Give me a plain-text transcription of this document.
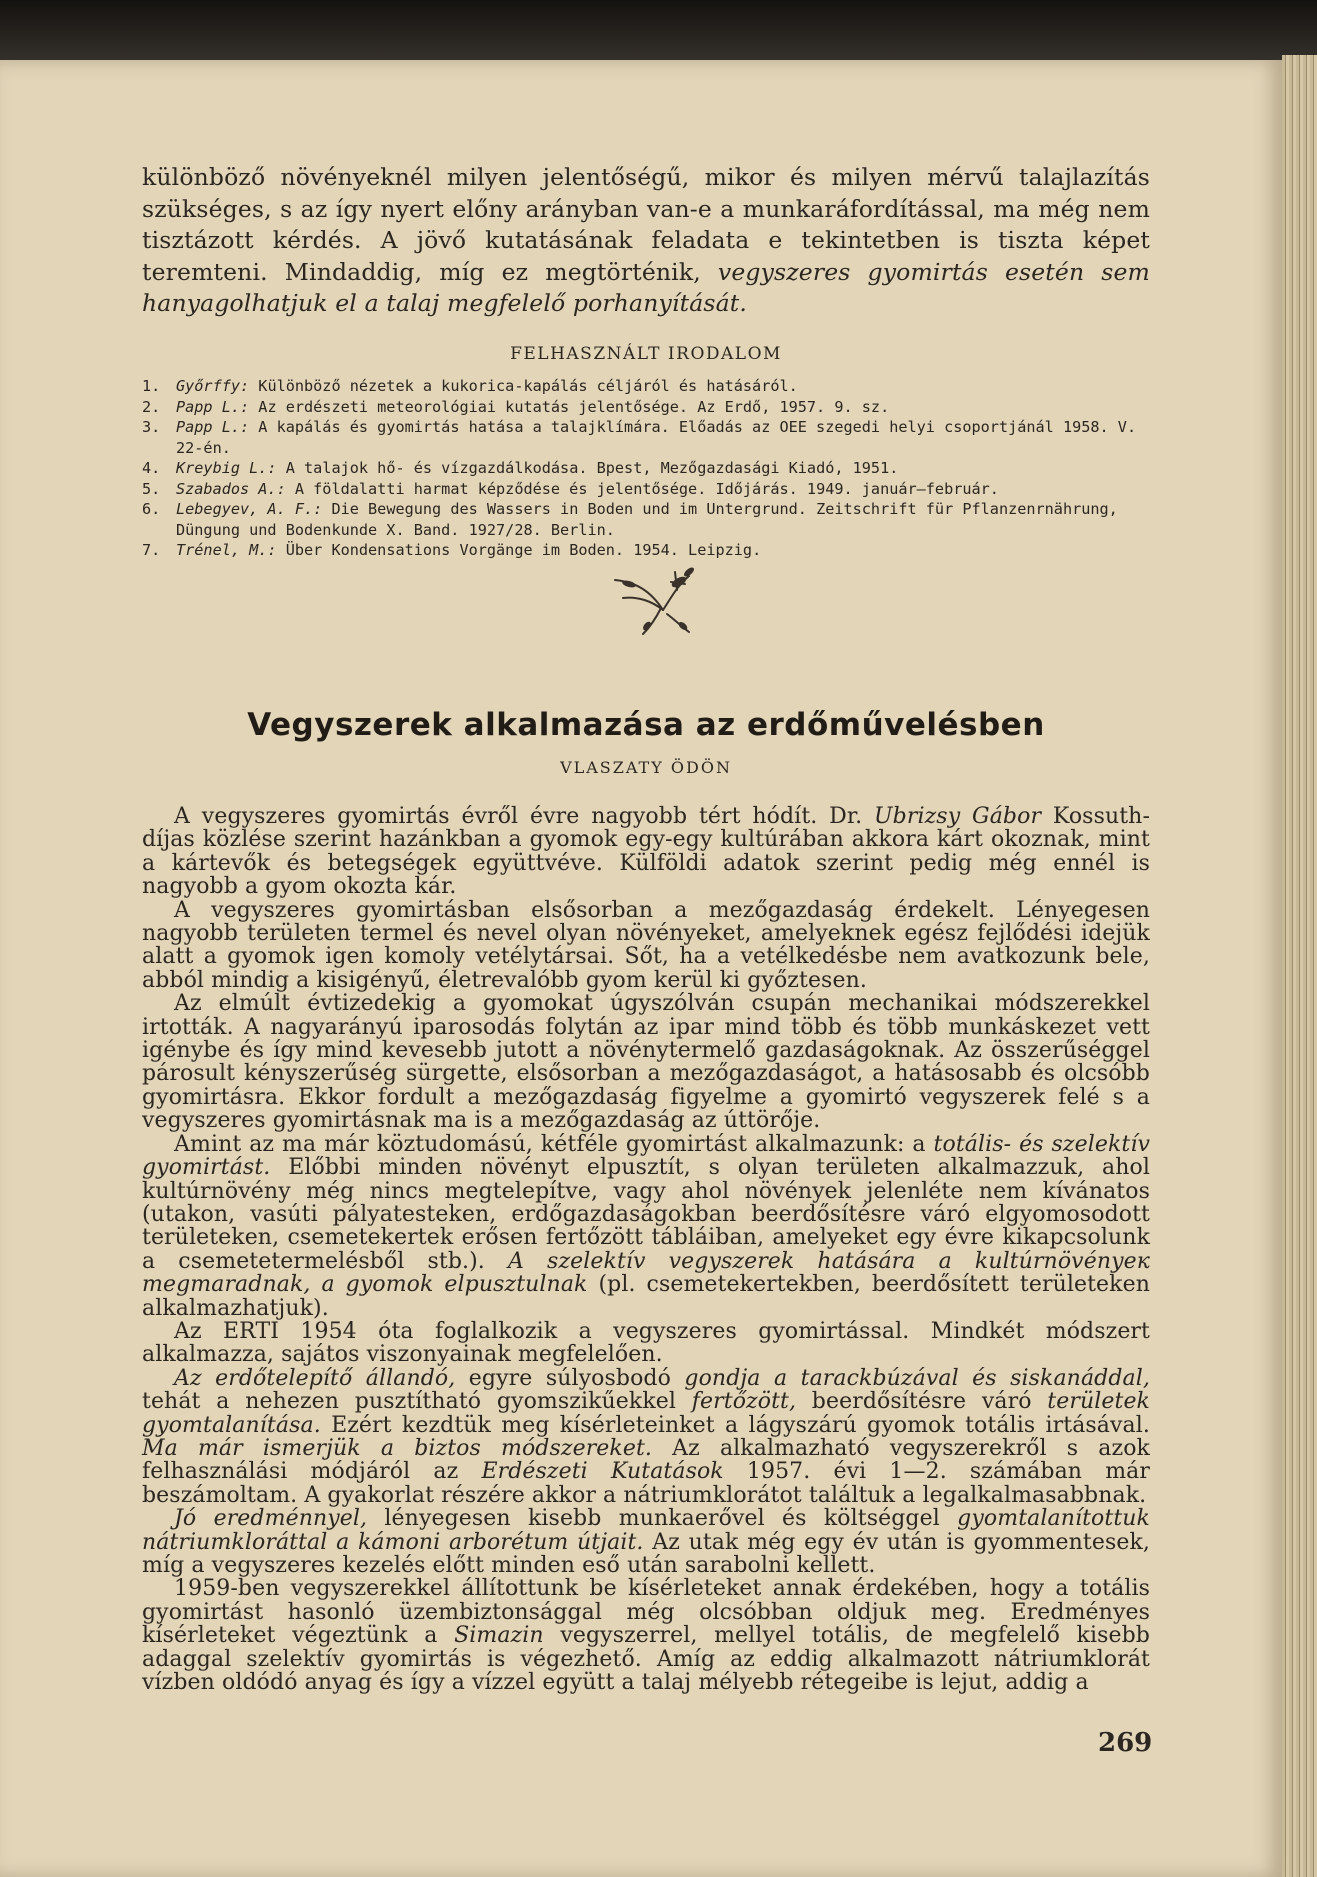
különböző növényeknél milyen jelentőségű, mikor és milyen mérvű talajlazítás szükséges, s az így nyert előny arányban van-e a munkaráfordítással, ma még nem tisztázott kérdés. A jövő kutatásának feladata e tekintetben is tiszta képet teremteni. Mindaddig, míg ez megtörténik, vegyszeres gyomirtás esetén sem hanyagolhatjuk el a talaj megfelelő porhanyítását.

FELHASZNÁLT IRODALOM
1.	Győrffy: Különböző nézetek a kukorica-kapálás céljáról és hatásáról.
2.	Papp L.: Az erdészeti meteorológiai kutatás jelentősége. Az Erdő, 1957. 9. sz.
3.	Papp L.: A kapálás és gyomirtás hatása a talajklímára. Előadás az OEE szegedi helyi csoportjánál 1958. V. 22-én.
4.	Kreybig L.: A talajok hő- és vízgazdálkodása. Bpest, Mezőgazdasági Kiadó, 1951.
5.	Szabados A.: A földalatti harmat képződése és jelentősége. Időjárás. 1949. január—február.
6.	Lebegyev, A. F.: Die Bewegung des Wassers in Boden und im Untergrund. Zeitschrift für Pflanzenrnährung, Düngung und Bodenkunde X. Band. 1927/28. Berlin.
7.	Trénel, M.: Über Kondensations Vorgänge im Boden. 1954. Leipzig.
Vegyszerek alkalmazása az erdőművelésben
VLASZATY ÖDÖN

A vegyszeres gyomirtás évről évre nagyobb tért hódít. Dr. Ubrizsy Gábor Kossuth-díjas közlése szerint hazánkban a gyomok egy-egy kultúrában akkora kárt okoznak, mint a kártevők és betegségek együttvéve. Külföldi adatok szerint pedig még ennél is nagyobb a gyom okozta kár.

A vegyszeres gyomirtásban elsősorban a mezőgazdaság érdekelt. Lényegesen nagyobb területen termel és nevel olyan növényeket, amelyeknek egész fejlődési idejük alatt a gyomok igen komoly vetélytársai. Sőt, ha a vetélkedésbe nem avatkozunk bele, abból mindig a kisigényű, életrevalóbb gyom kerül ki győztesen.

Az elmúlt évtizedekig a gyomokat úgyszólván csupán mechanikai módszerekkel irtották. A nagyarányú iparosodás folytán az ipar mind több és több munkáskezet vett igénybe és így mind kevesebb jutott a növénytermelő gazdaságoknak. Az összerűséggel párosult kényszerűség sürgette, elsősorban a mezőgazdaságot, a hatásosabb és olcsóbb gyomirtásra. Ekkor fordult a mezőgazdaság figyelme a gyomirtó vegyszerek felé s a vegyszeres gyomirtásnak ma is a mezőgazdaság az úttörője.

Amint az ma már köztudomású, kétféle gyomirtást alkalmazunk: a totális- és szelektív gyomirtást. Előbbi minden növényt elpusztít, s olyan területen alkalmazzuk, ahol kultúrnövény még nincs megtelepítve, vagy ahol növények jelenléte nem kívánatos (utakon, vasúti pályatesteken, erdőgazdaságokban beerdősítésre váró elgyomosodott területeken, csemetekertek erősen fertőzött tábláiban, amelyeket egy évre kikapcsolunk a csemetetermelésből stb.). A szelektív vegyszerek hatására a kultúrnövényeк megmaradnak, a gyomok elpusztulnak (pl. csemetekertekben, beerdősített területeken alkalmazhatjuk).

Az ERTI 1954 óta foglalkozik a vegyszeres gyomirtással. Mindkét módszert alkalmazza, sajátos viszonyainak megfelelően.

Az erdőtelepítő állandó, egyre súlyosbodó gondja a tarackbúzával és siskanáddal, tehát a nehezen pusztítható gyomszikűekkel fertőzött, beerdősítésre váró területek gyomtalanítása. Ezért kezdtük meg kísérleteinket a lágyszárú gyomok totális irtásával. Ma már ismerjük a biztos módszereket. Az alkalmazható vegyszerekről s azok felhasználási módjáról az Erdészeti Kutatások 1957. évi 1—2. számában már beszámoltam. A gyakorlat részére akkor a nátriumklorátot találtuk a legalkalmasabbnak.

Jó eredménnyel, lényegesen kisebb munkaerővel és költséggel gyomtalanítottuk nátriumkloráttal a kámoni arborétum útjait. Az utak még egy év után is gyommentesek, míg a vegyszeres kezelés előtt minden eső után sarabolni kellett.

1959-ben vegyszerekkel állítottunk be kísérleteket annak érdekében, hogy a totális gyomirtást hasonló üzembiztonsággal még olcsóbban oldjuk meg. Eredményes kísérleteket végeztünk a Simazin vegyszerrel, mellyel totális, de megfelelő kisebb adaggal szelektív gyomirtás is végezhető. Amíg az eddig alkalmazott nátriumklorát vízben oldódó anyag és így a vízzel együtt a talaj mélyebb rétegeibe is lejut, addig a

269
